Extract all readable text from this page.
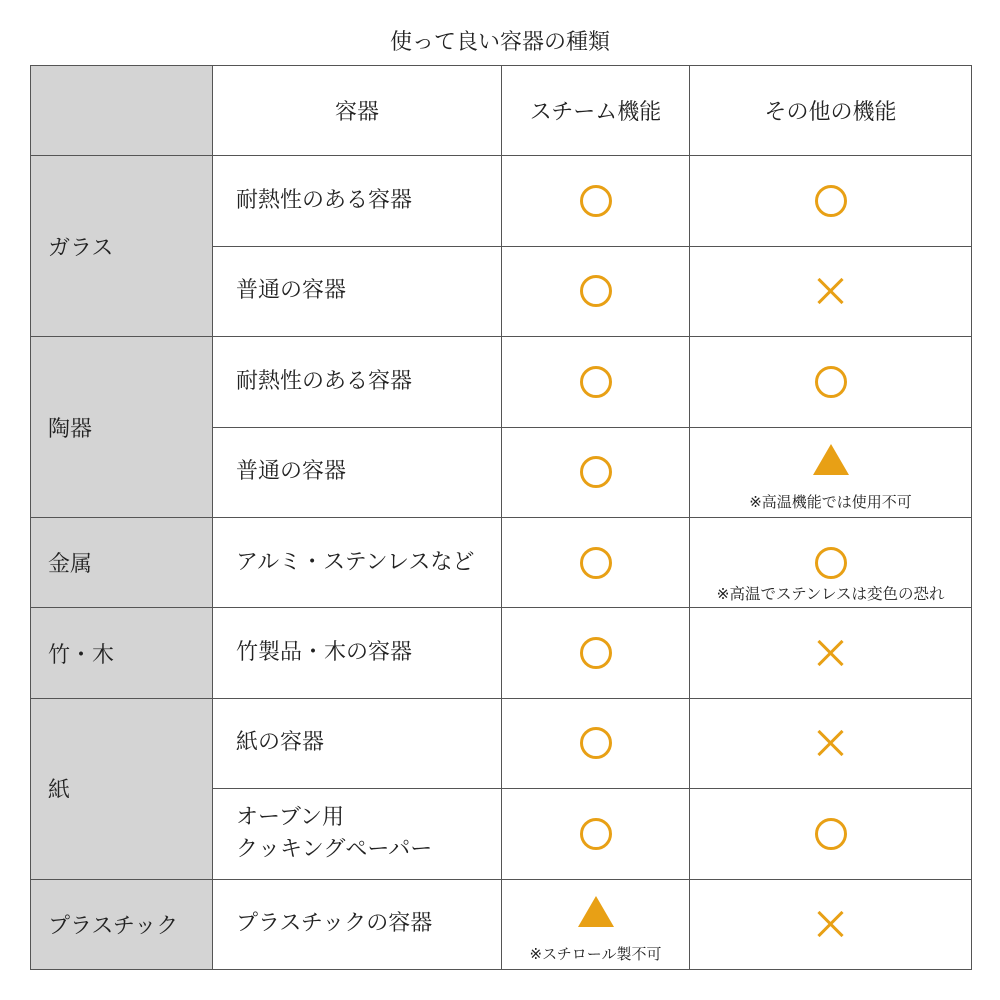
使って良い容器の種類
	容器	スチーム機能	その他の機能
ガラス	耐熱性のある容器	

	普通の容器	

陶器	耐熱性のある容器	

	普通の容器		※高温機能では使用不可

金属	アルミ・ステンレスなど		※高温でステンレスは変色の恐れ

竹・木	竹製品・木の容器	

紙	紙の容器	

	オーブン用
クッキングペーパー		

プラスチック	プラスチックの容器	※スチロール製不可	
